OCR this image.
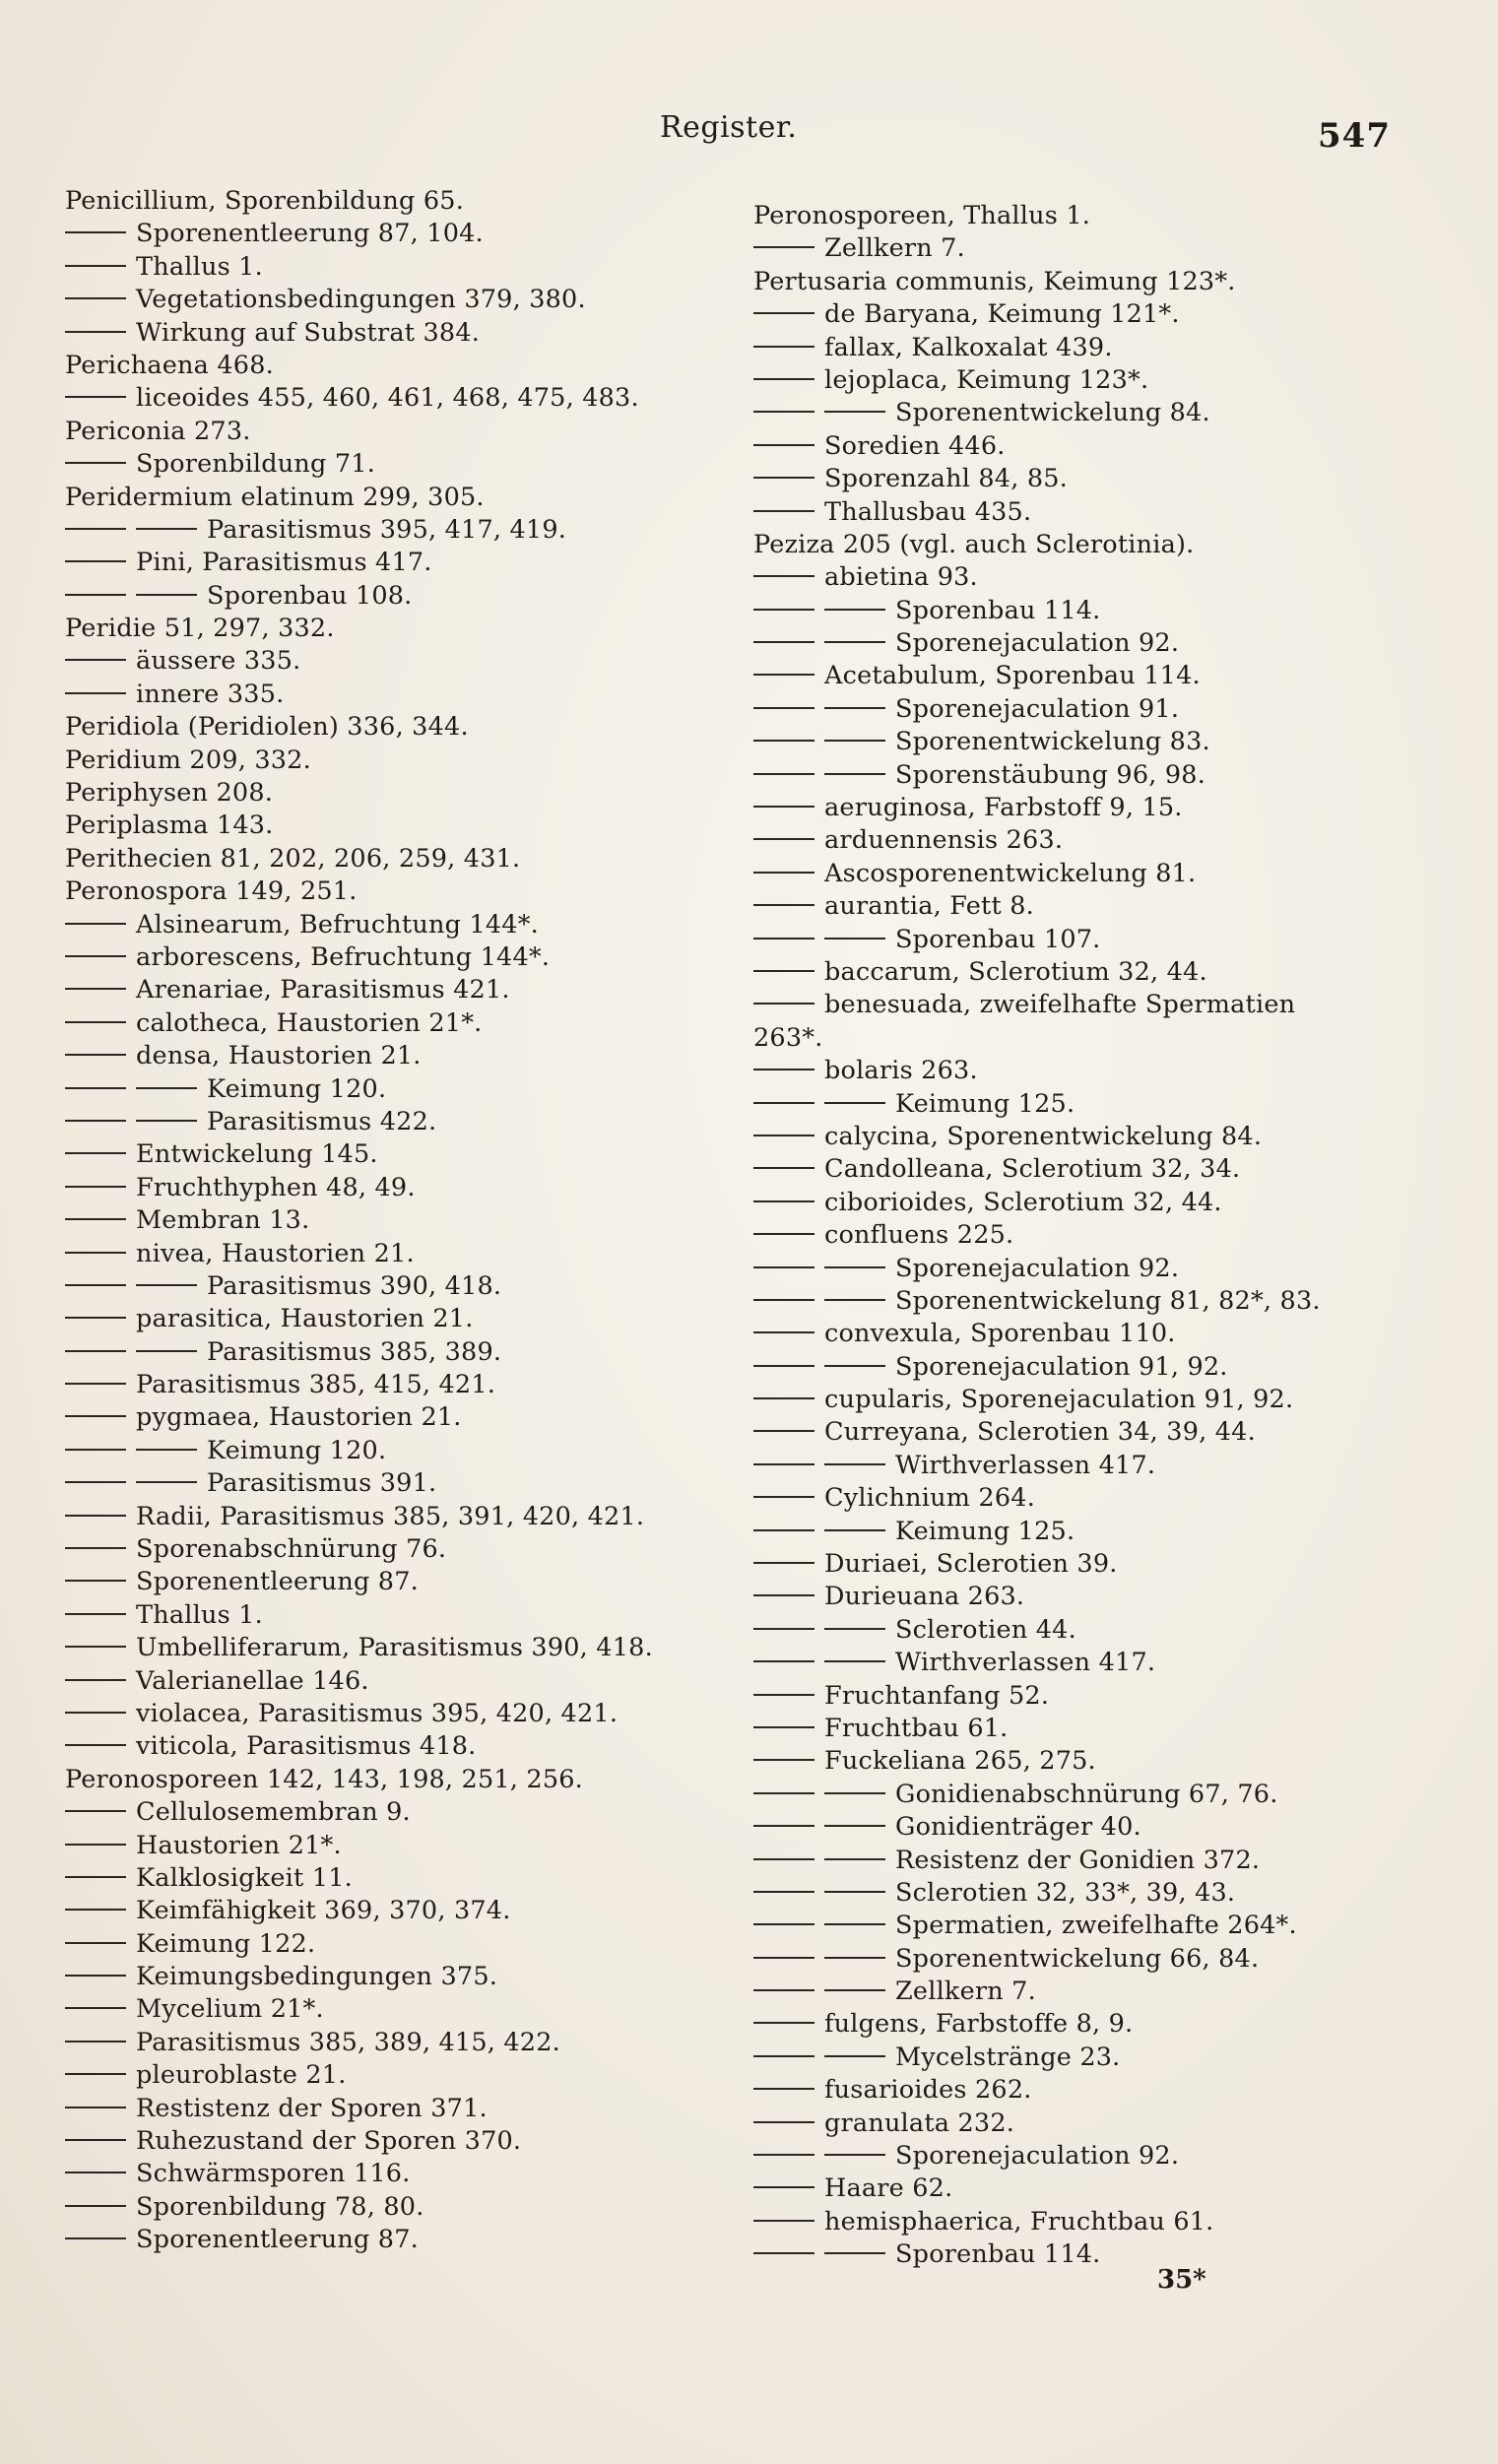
Register.	547
Penicillium, Sporenbildung 65.
Sporenentleerung 87, 104.
Thallus 1.
Vegetationsbedingungen 379, 380.
Wirkung auf Substrat 384.
Perichaena 468.
liceoides 455, 460, 461, 468, 475, 483.
Periconia 273.
Sporenbildung 71.
Peridermium elatinum 299, 305.
Parasitismus 395, 417, 419.
Pini, Parasitismus 417.
Sporenbau 108.
Peridie 51, 297, 332.
äussere 335.
innere 335.
Peridiola (Peridiolen) 336, 344.
Peridium 209, 332.
Periphysen 208.
Periplasma 143.
Perithecien 81, 202, 206, 259, 431.
Peronospora 149, 251.
Alsinearum, Befruchtung 144*.
arborescens, Befruchtung 144*.
Arenariae, Parasitismus 421.
calotheca, Haustorien 21*.
densa, Haustorien 21.
Keimung 120.
Parasitismus 422.
Entwickelung 145.
Fruchthyphen 48, 49.
Membran 13.
nivea, Haustorien 21.
Parasitismus 390, 418.
parasitica, Haustorien 21.
Parasitismus 385, 389.
Parasitismus 385, 415, 421.
pygmaea, Haustorien 21.
Keimung 120.
Parasitismus 391.
Radii, Parasitismus 385, 391, 420, 421.
Sporenabschnürung 76.
Sporenentleerung 87.
Thallus 1.
Umbelliferarum, Parasitismus 390, 418.
Valerianellae 146.
violacea, Parasitismus 395, 420, 421.
viticola, Parasitismus 418.
Peronosporeen 142, 143, 198, 251, 256.
Cellulosemembran 9.
Haustorien 21*.
Kalklosigkeit 11.
Keimfähigkeit 369, 370, 374.
Keimung 122.
Keimungsbedingungen 375.
Mycelium 21*.
Parasitismus 385, 389, 415, 422.
pleuroblaste 21.
Restistenz der Sporen 371.
Ruhezustand der Sporen 370.
Schwärmsporen 116.
Sporenbildung 78, 80.
Sporenentleerung 87.
Peronosporeen, Thallus 1.
Zellkern 7.
Pertusaria communis, Keimung 123*.
de Baryana, Keimung 121*.
fallax, Kalkoxalat 439.
lejoplaca, Keimung 123*.
Sporenentwickelung 84.
Soredien 446.
Sporenzahl 84, 85.
Thallusbau 435.
Peziza 205 (vgl. auch Sclerotinia).
abietina 93.
Sporenbau 114.
Sporenejaculation 92.
Acetabulum, Sporenbau 114.
Sporenejaculation 91.
Sporenentwickelung 83.
Sporenstäubung 96, 98.
aeruginosa, Farbstoff 9, 15.
arduennensis 263.
Ascosporenentwickelung 81.
aurantia, Fett 8.
Sporenbau 107.
baccarum, Sclerotium 32, 44.
benesuada, zweifelhafte Spermatien
263*.
bolaris 263.
Keimung 125.
calycina, Sporenentwickelung 84.
Candolleana, Sclerotium 32, 34.
ciborioides, Sclerotium 32, 44.
confluens 225.
Sporenejaculation 92.
Sporenentwickelung 81, 82*, 83.
convexula, Sporenbau 110.
Sporenejaculation 91, 92.
cupularis, Sporenejaculation 91, 92.
Curreyana, Sclerotien 34, 39, 44.
Wirthverlassen 417.
Cylichnium 264.
Keimung 125.
Duriaei, Sclerotien 39.
Durieuana 263.
Sclerotien 44.
Wirthverlassen 417.
Fruchtanfang 52.
Fruchtbau 61.
Fuckeliana 265, 275.
Gonidienabschnürung 67, 76.
Gonidienträger 40.
Resistenz der Gonidien 372.
Sclerotien 32, 33*, 39, 43.
Spermatien, zweifelhafte 264*.
Sporenentwickelung 66, 84.
Zellkern 7.
fulgens, Farbstoffe 8, 9.
Mycelstränge 23.
fusarioides 262.
granulata 232.
Sporenejaculation 92.
Haare 62.
hemisphaerica, Fruchtbau 61.
Sporenbau 114.
35*
